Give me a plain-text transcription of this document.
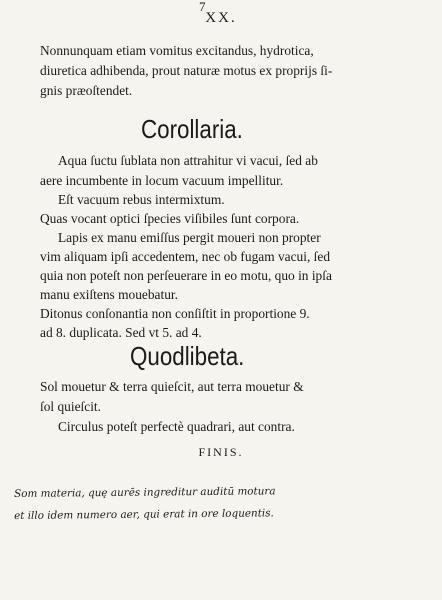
7
XX.
Nonnunquam etiam vomitus excitandus, hydrotica,
diuretica adhibenda, prout naturæ motus ex proprijs ſi-
gnis præoſtendet.
Corollaria.
Aqua ſuctu ſublata non attrahitur vi vacui, ſed ab
aere incumbente in locum vacuum impellitur.
Eſt vacuum rebus intermixtum.
Quas vocant optici ſpecies viſibiles ſunt corpora.
Lapis ex manu emiſſus pergit moueri non propter
vim aliquam ipſi accedentem, nec ob fugam vacui, ſed
quia non poteſt non perſeuerare in eo motu, quo in ipſa
manu exiſtens mouebatur.
Ditonus conſonantia non conſiſtit in proportione 9.
ad 8. duplicata. Sed vt 5. ad 4.
Quodlibeta.
Sol mouetur & terra quieſcit, aut terra mouetur &
ſol quieſcit.
Circulus poteſt perfectè quadrari, aut contra.
FINIS.
Som materia, quę aurēs ingreditur auditū motura
et illo idem numero aer, qui erat in ore loquentis.
